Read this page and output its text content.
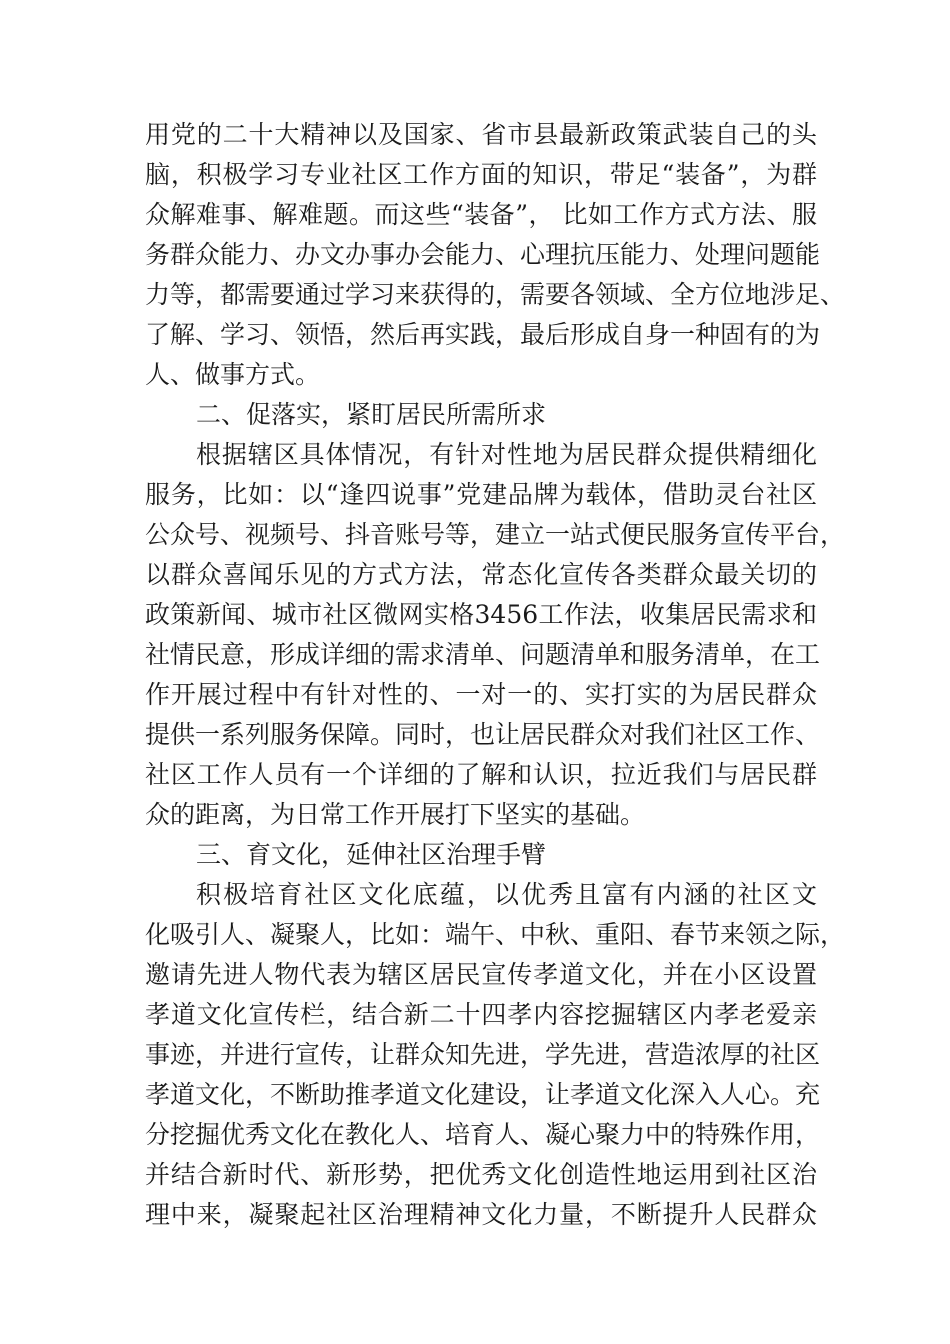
用党的二十大精神以及国家、省市县最新政策武装自己的头
脑，积极学习专业社区工作方面的知识，带足“装备”，为群
众解难事、解难题。而这些“装备”， 比如工作方式方法、服
务群众能力、办文办事办会能力、心理抗压能力、处理问题能
力等，都需要通过学习来获得的，需要各领域、全方位地涉足、
了解、学习、领悟，然后再实践，最后形成自身一种固有的为
人、做事方式。
二、促落实，紧盯居民所需所求
根据辖区具体情况，有针对性地为居民群众提供精细化
服务，比如：以“逢四说事”党建品牌为载体，借助灵台社区
公众号、视频号、抖音账号等，建立一站式便民服务宣传平台，
以群众喜闻乐见的方式方法，常态化宣传各类群众最关切的
政策新闻、城市社区微网实格3456工作法，收集居民需求和
社情民意，形成详细的需求清单、问题清单和服务清单，在工
作开展过程中有针对性的、一对一的、实打实的为居民群众
提供一系列服务保障。同时，也让居民群众对我们社区工作、
社区工作人员有一个详细的了解和认识，拉近我们与居民群
众的距离，为日常工作开展打下坚实的基础。
三、育文化，延伸社区治理手臂
积极培育社区文化底蕴，以优秀且富有内涵的社区文
化吸引人、凝聚人，比如：端午、中秋、重阳、春节来领之际，
邀请先进人物代表为辖区居民宣传孝道文化，并在小区设置
孝道文化宣传栏，结合新二十四孝内容挖掘辖区内孝老爱亲
事迹，并进行宣传，让群众知先进，学先进，营造浓厚的社区
孝道文化，不断助推孝道文化建设，让孝道文化深入人心。充
分挖掘优秀文化在教化人、培育人、凝心聚力中的特殊作用，
并结合新时代、新形势，把优秀文化创造性地运用到社区治
理中来，凝聚起社区治理精神文化力量，不断提升人民群众
